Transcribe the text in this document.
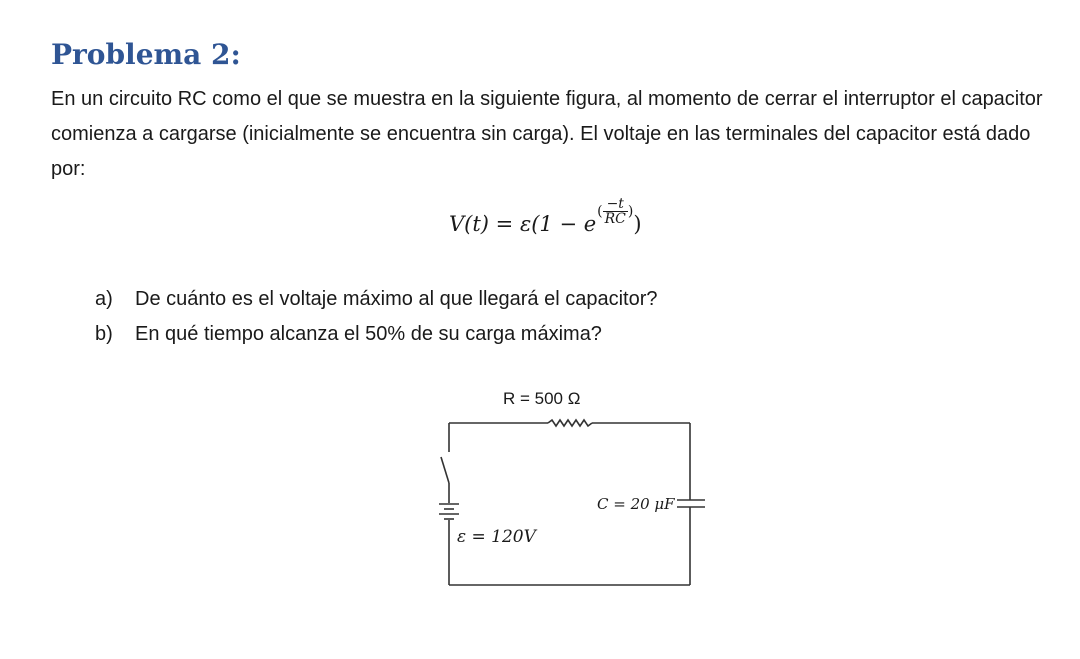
Problema 2:

En un circuito RC como el que se muestra en la siguiente figura, al momento de cerrar el interruptor el capacitor comienza a cargarse (inicialmente se encuentra sin carga). El voltaje en las terminales del capacitor está dado por:

$V(t) = \varepsilon(1 - e( \frac{-t}{RC}$ ))
a) De cuánto es el voltaje máximo al que llegará el capacitor?
b) En qué tiempo alcanza el 50% de su carga máxima?
R = 500 Ω
C = 20 μF
ε = 120V
